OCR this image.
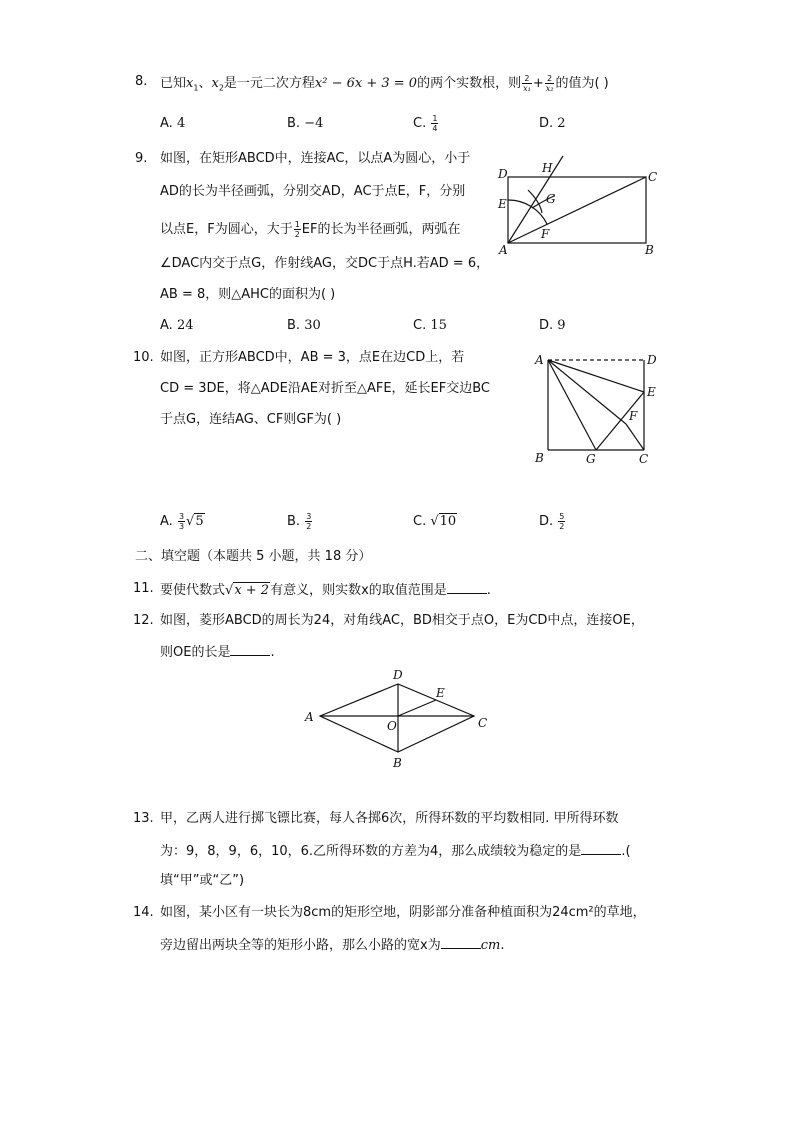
8. 已知$x_1$、$x_2$是一元二次方程x² − 6x + 3 = 0的两个实数根，则 $\frac{2}{\text{x₁}} + \frac{2}{\text{x₂}}$ 的值为( )
A. 4	B. −4	C. $\frac{1}{4}$	D. 2
9. 如图，在矩形ABCD中，连接AC，以点A为圆心，小于
AD的长为半径画弧，分别交AD，AC于点E，F，分别
以点E，F为圆心，大于 $\frac{1}{2}$ EF的长为半径画弧，两弧在
∠DAC内交于点G，作射线AG，交DC于点H.若AD = 6，
AB = 8，则△AHC的面积为( )
A. 24	B. 30	C. 15	D. 9
D	H
C
G
E
F
A	B
10. 如图，正方形ABCD中，AB = 3，点E在边CD上，若
CD = 3DE，将△ADE沿AE对折至△AFE，延长EF交边BC
于点G，连结AG、CF则GF为( )
A	D
E
F
B	G	C
A. $\frac{3}{3} √5$	B. $\frac{3}{2}$	C. √10	D. $\frac{5}{2}$
二、填空题（本题共 5 小题，共 18 分）
11. 要使代数式√x + 2有意义，则实数x的取值范围是	.
12. 如图，菱形ABCD的周长为24，对角线AC，BD相交于点O，E为CD中点，连接OE，
则OE的长是	.
D
E
A
O	C
B
13. 甲，乙两人进行掷飞镖比赛，每人各掷6次，所得环数的平均数相同. 甲所得环数
为：9，8，9，6，10，6.乙所得环数的方差为4，那么成绩较为稳定的是	.(
填“甲”或“乙”)
14. 如图，某小区有一块长为8cm的矩形空地，阴影部分准备种植面积为24cm²的草地，
旁边留出两块全等的矩形小路，那么小路的宽x为	cm.
